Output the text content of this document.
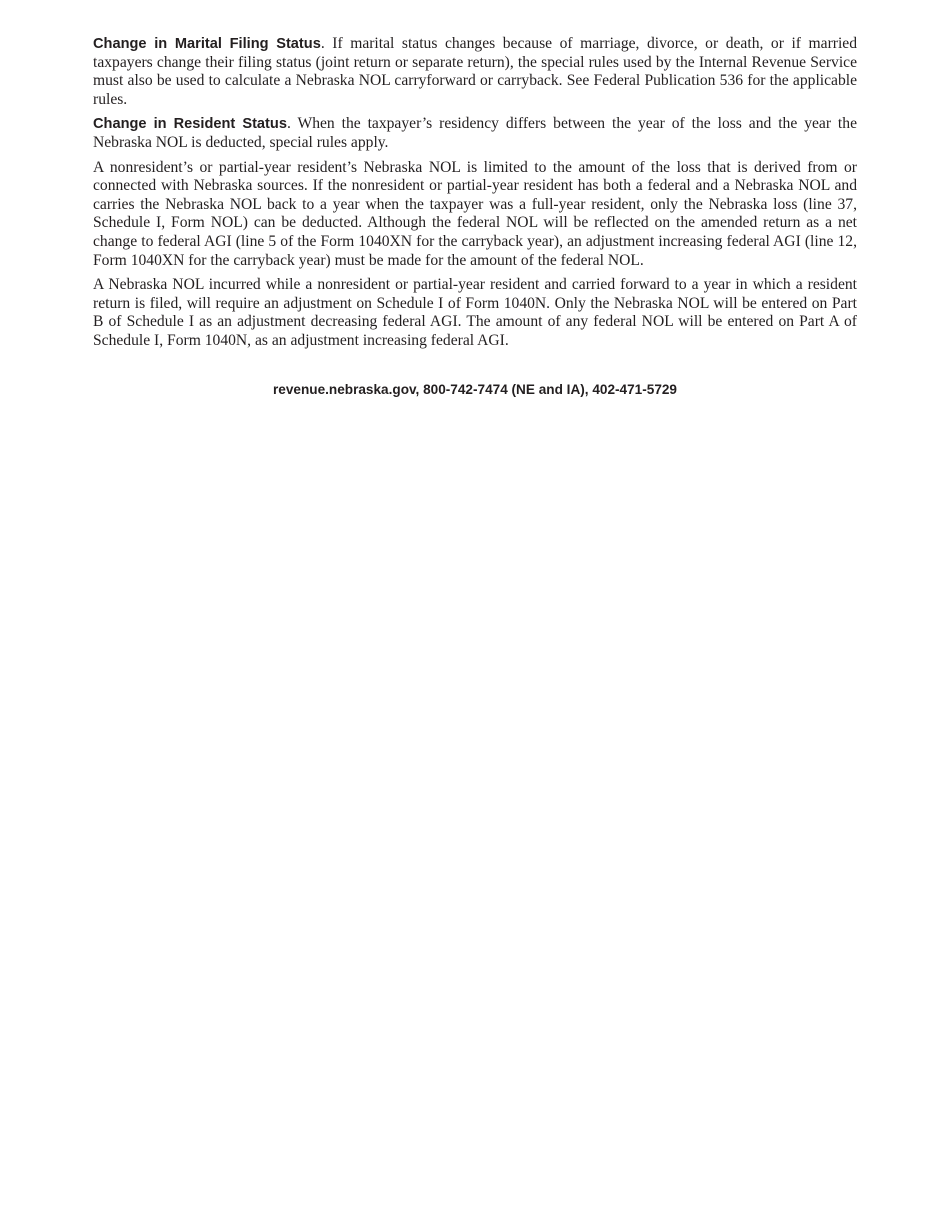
Change in Marital Filing Status. If marital status changes because of marriage, divorce, or death, or if married taxpayers change their filing status (joint return or separate return), the special rules used by the Internal Revenue Service must also be used to calculate a Nebraska NOL carryforward or carryback. See Federal Publication 536 for the applicable rules.

Change in Resident Status. When the taxpayer’s residency differs between the year of the loss and the year the Nebraska NOL is deducted, special rules apply.

A nonresident’s or partial-year resident’s Nebraska NOL is limited to the amount of the loss that is derived from or connected with Nebraska sources. If the nonresident or partial-year resident has both a federal and a Nebraska NOL and carries the Nebraska NOL back to a year when the taxpayer was a full-year resident, only the Nebraska loss (line 37, Schedule I, Form NOL) can be deducted. Although the federal NOL will be reflected on the amended return as a net change to federal AGI (line 5 of the Form 1040XN for the carryback year), an adjustment increasing federal AGI (line 12, Form 1040XN for the carryback year) must be made for the amount of the federal NOL.

A Nebraska NOL incurred while a nonresident or partial-year resident and carried forward to a year in which a resident return is filed, will require an adjustment on Schedule I of Form 1040N. Only the Nebraska NOL will be entered on Part B of Schedule I as an adjustment decreasing federal AGI. The amount of any federal NOL will be entered on Part A of Schedule I, Form 1040N, as an adjustment increasing federal AGI.

revenue.nebraska.gov, 800-742-7474 (NE and IA), 402-471-5729
